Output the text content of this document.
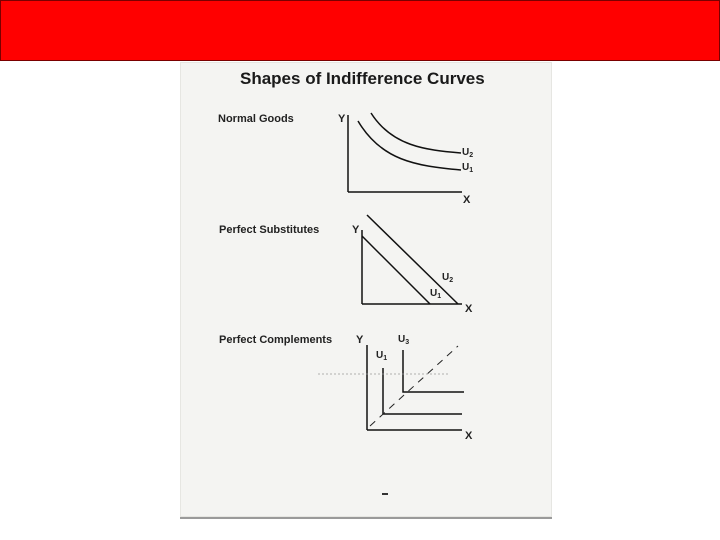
Shapes of Indifference Curves
Normal Goods
Perfect Substitutes
Perfect Complements
Y
X
Y
X
Y
X
$U_2$
$U_1$
$U_2$
$U_1$
$U_1$
$U_3$
